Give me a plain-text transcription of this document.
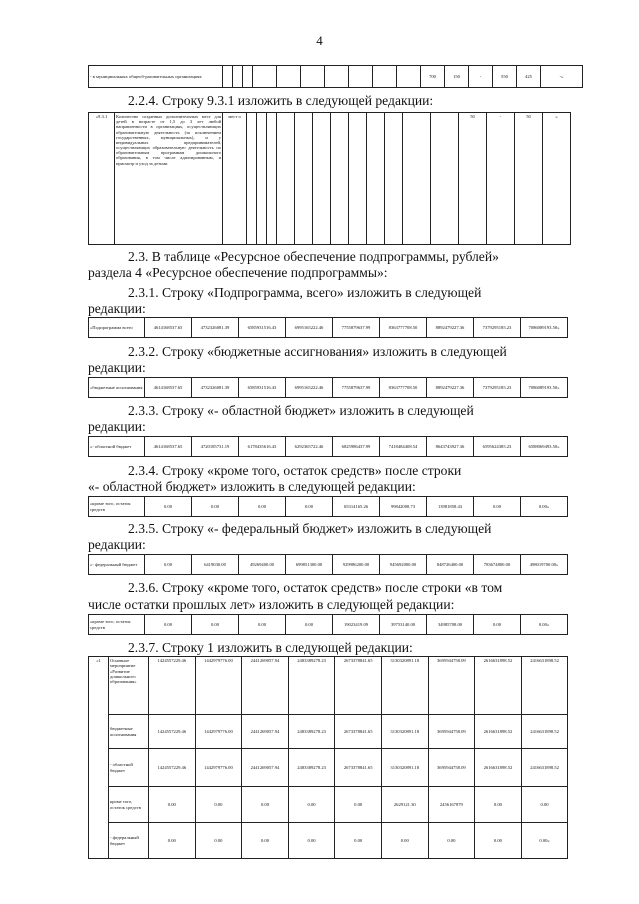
4
- в муниципальных общеоб-разовательных организациях											700	150	-	550	425	-»
2.2.4. Строку 9.3.1 изложить в следующей редакции:
«9.3.1	Количество созданных дополнительных мест для детей в возрасте от 1,5 до 3 лет любой направленности в организациях, осуществляющих образовательную деятельность (за исключением государственных, муниципальных), и у индивидуальных предпринимателей, осуществляющих образовательную деятельность по образовательным программам дошкольного образования, в том числе адаптированным, и присмотр и уход за детьми	мест о													50	-	50	»
2.3. В таблице «Ресурсное обеспечение подпрограммы, рублей»
раздела 4 «Ресурсное обеспечение подпрограммы»:
2.3.1. Строку «Подпрограмма, всего» изложить в следующей
редакции:
«Подпрограмма всего	4614168537.65	4732326081.39	6585931516.43	6995165222.46	7755879637.99	8363777708.50	8892479227.36	7379295185.23	7086089193.50»
2.3.2. Строку «бюджетные ассигнования» изложить в следующей
редакции:
«бюджетные ассигнования	4614168537.65	4732326081.39	6585931516.43	6995165222.46	7755879637.99	8363777708.50	8892479227.36	7379295185.23	7086089193.50»
2.3.3. Строку «- областной бюджет» изложить в следующей
редакции:
«- областной бюджет	4614168537.65	4720185731.19	6178435616.43	6292365722.46	6825986437.99	7418484408.54	8643743927.36	6595624385.23	6588069493.50»
2.3.4. Строку «кроме того, остаток средств» после строки
«- областной бюджет» изложить в следующей редакции:
«кроме того, остаток средств	0.00	0.00	0.00	0.00	65314165.26	99842008.73	13981858.43	0.00	0.00»
2.3.5. Строку «- федеральный бюджет» изложить в следующей
редакции:
«- федеральный бюджет	0.00	6419030.00	49269400.00	699851300.00	929986200.00	945692000.00	848726400.00	783674800.00	498019700.00»
2.3.6. Строку «кроме того, остаток средств» после строки «в том
числе остатки прошлых лет» изложить в следующей редакции:
«кроме того, остаток средств	0.00	0.00	0.00	0.00	19023419.09	39753140.00	34985708.00	0.00	0.00»
2.3.7. Строку 1 изложить в следующей редакции:
«1	Основное мероприятие «Развитие дошкольного образования»	1424557229.46	1442979776.00	2441269057.94	2483389278.23	2673378841.65	3130320891.18	3695944758.09	2616631898.52	2416631898.52
	бюджетные ассигнования	1424557229.46	1442979776.00	2441269057.94	2483389278.23	2673378841.65	3130320891.18	3695944758.09	2616631898.52	2416631898.52
	- областной бюджет	1424557229.46	1442979776.00	2441269057.94	2483389278.23	2673378841.65	3130320891.18	3695944758.09	2616631898.52	2416631898.52
	кроме того, остаток средств	0.00	0.00	0.00	0.00	0.00	2629121.30	2456167879	0.00	0.00
	- федеральный бюджет	0.00	0.00	0.00	0.00	0.00	0.00	0.00	0.00	0.00»
